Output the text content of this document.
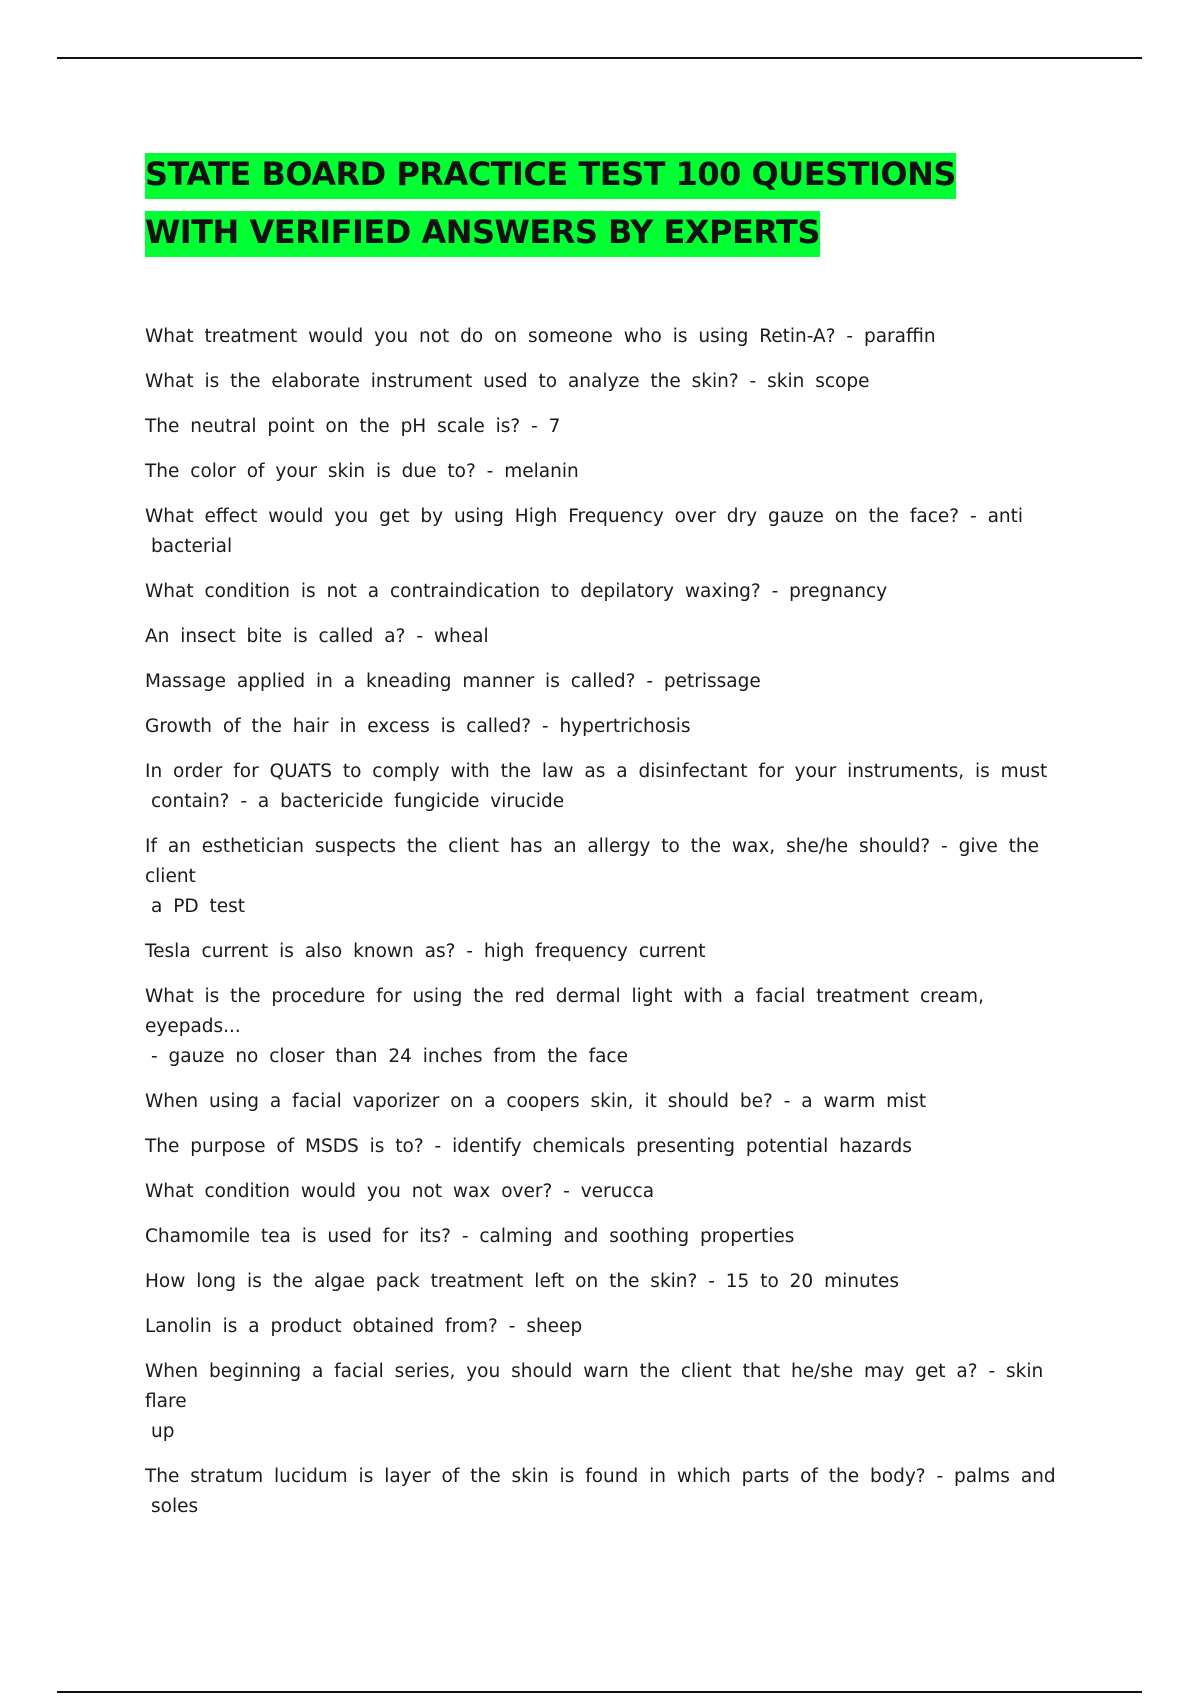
STATE BOARD PRACTICE TEST 100 QUESTIONS
WITH VERIFIED ANSWERS BY EXPERTS
What treatment would you not do on someone who is using Retin-A? - paraffin
What is the elaborate instrument used to analyze the skin? - skin scope
The neutral point on the pH scale is? - 7
The color of your skin is due to? - melanin
What effect would you get by using High Frequency over dry gauze on the face? - anti
bacterial
What condition is not a contraindication to depilatory waxing? - pregnancy
An insect bite is called a? - wheal
Massage applied in a kneading manner is called? - petrissage
Growth of the hair in excess is called? - hypertrichosis
In order for QUATS to comply with the law as a disinfectant for your instruments, is must
contain? - a bactericide fungicide virucide
If an esthetician suspects the client has an allergy to the wax, she/he should? - give the client
a PD test
Tesla current is also known as? - high frequency current
What is the procedure for using the red dermal light with a facial treatment cream, eyepads...
- gauze no closer than 24 inches from the face
When using a facial vaporizer on a coopers skin, it should be? - a warm mist
The purpose of MSDS is to? - identify chemicals presenting potential hazards
What condition would you not wax over? - verucca
Chamomile tea is used for its? - calming and soothing properties
How long is the algae pack treatment left on the skin? - 15 to 20 minutes
Lanolin is a product obtained from? - sheep
When beginning a facial series, you should warn the client that he/she may get a? - skin flare
up
The stratum lucidum is layer of the skin is found in which parts of the body? - palms and
soles
